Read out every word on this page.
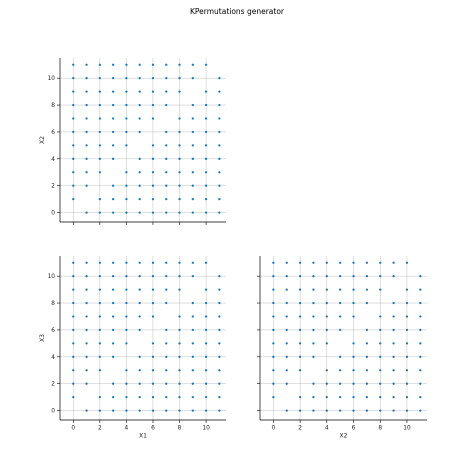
KPermutations generator
0
2
4
6
8
10
X2
0	2	4	6	8	10
0
2
4
6
8
10
X1
X3
0	2	4	6	8	10
X2
